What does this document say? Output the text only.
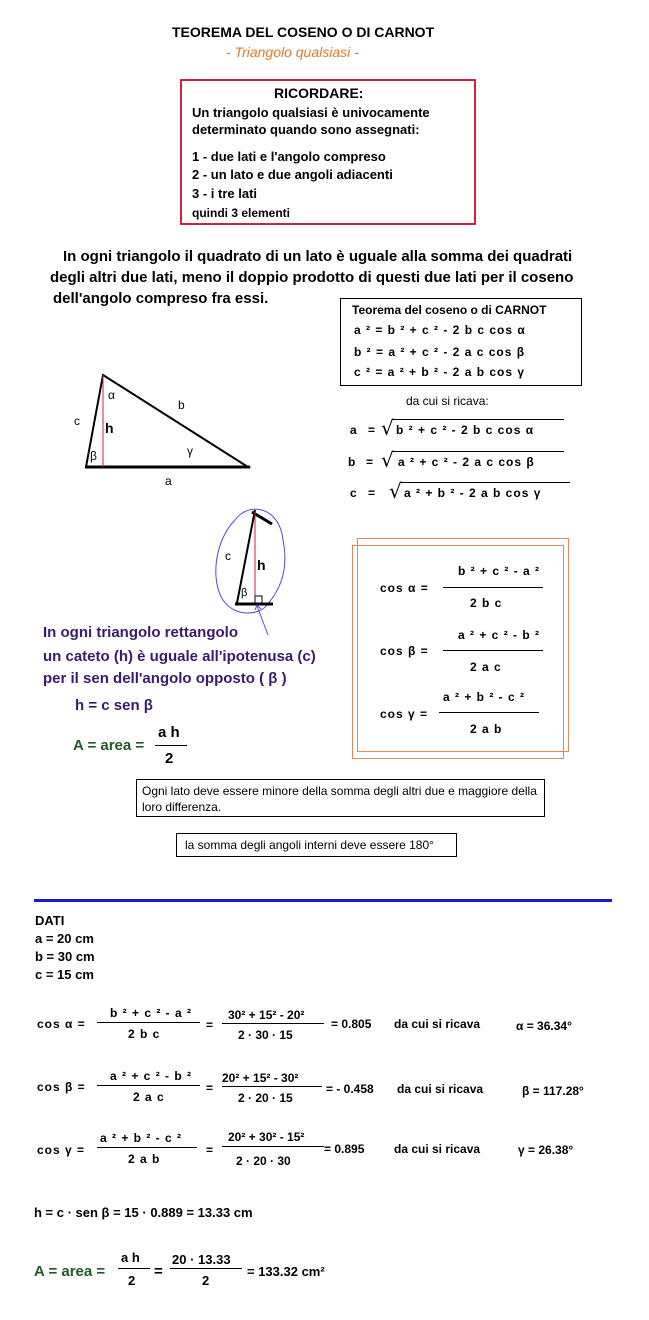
TEOREMA DEL COSENO O DI CARNOT
- Triangolo qualsiasi -
RICORDARE:
Un triangolo qualsiasi è univocamente
determinato quando sono assegnati:
1 - due lati e l'angolo compreso
2 - un lato e due angoli adiacenti
3 - i tre lati
quindi 3 elementi
In ogni triangolo il quadrato di un lato è uguale alla somma dei quadrati
degli altri due lati, meno il doppio prodotto di questi due lati per il coseno
dell'angolo compreso fra essi.
Teorema del coseno o di CARNOT
a ² = b ² + c ² - 2 b c cos α
b ² = a ² + c ² - 2 a c cos β
c ² = a ² + b ² - 2 a b cos γ
da cui si ricava:
a = √ b ² + c ² - 2 b c cos α
b = √ a ² + c ² - 2 a c cos β
c = √ a ² + b ² - 2 a b cos γ
α
b
c h
β	γ
a
c
h
β	cos α =
b ² + c ² - a ²
2 b c
cos β =
a ² + c ² - b ²
2 a c
cos γ =
a ² + b ² - c ²
2 a b
In ogni triangolo rettangolo
un cateto (h) è uguale all'ipotenusa (c)
per il sen dell'angolo opposto ( β )
h = c sen β
A = area =
a h
2
Ogni lato deve essere minore della somma degli altri due e maggiore della loro differenza.
la somma degli angoli interni deve essere 180°
DATI
a = 20 cm
b = 30 cm
c = 15 cm
cos α =
b ² + c ² - a ²
2 b c
=
30² + 15² - 20²
2 · 30 · 15
= 0.805 da cui si ricava	α = 36.34°
cos β =
a ² + c ² - b ²
2 a c
=
20² + 15² - 30²
2 · 20 · 15
= - 0.458 da cui si ricava	β = 117.28°
cos γ =
a ² + b ² - c ²
2 a b
=
20² + 30² - 15²
2 · 20 · 30
= 0.895 da cui si ricava	γ = 26.38°
h = c · sen β = 15 · 0.889 = 13.33 cm
A = area =
a h
2
=
20 · 13.33
2
= 133.32 cm²
